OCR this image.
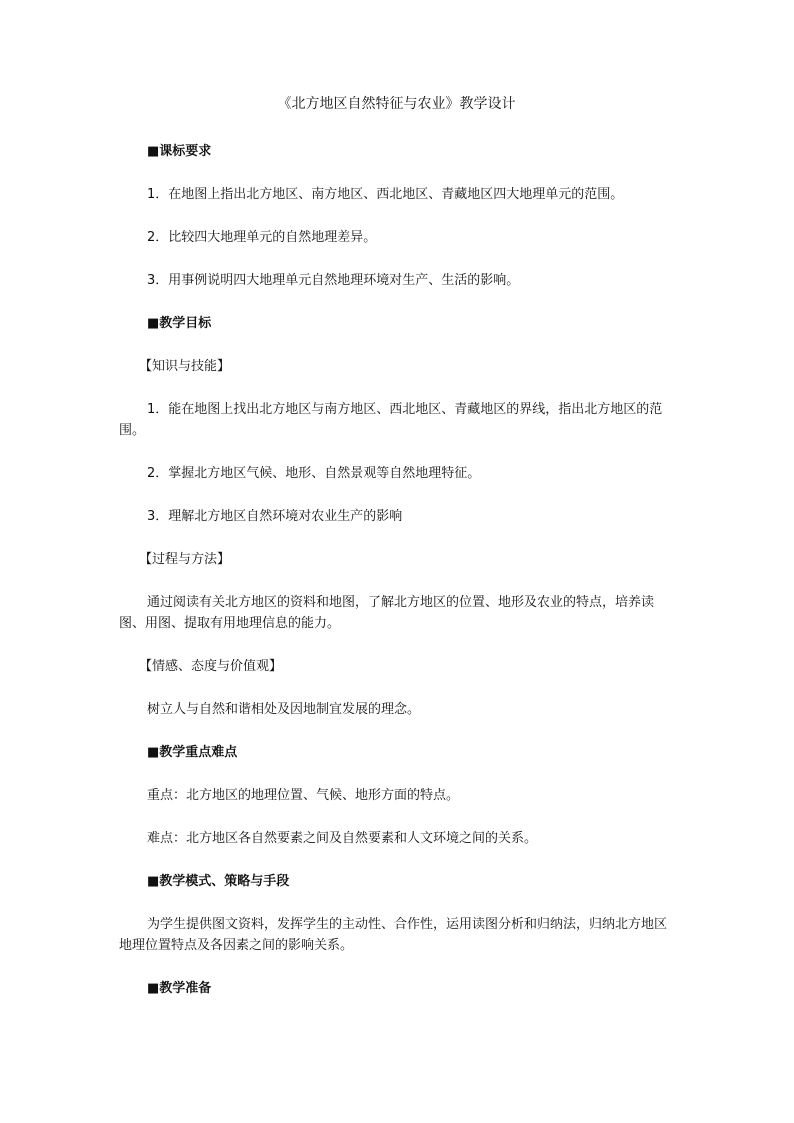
《北方地区自然特征与农业》教学设计
■课标要求

1．在地图上指出北方地区、南方地区、西北地区、青藏地区四大地理单元的范围。

2．比较四大地理单元的自然地理差异。

3．用事例说明四大地理单元自然地理环境对生产、生活的影响。

■教学目标
【知识与技能】

1．能在地图上找出北方地区与南方地区、西北地区、青藏地区的界线，指出北方地区的范围。

2．掌握北方地区气候、地形、自然景观等自然地理特征。

3．理解北方地区自然环境对农业生产的影响

【过程与方法】

通过阅读有关北方地区的资料和地图，了解北方地区的位置、地形及农业的特点，培养读图、用图、提取有用地理信息的能力。

【情感、态度与价值观】

树立人与自然和谐相处及因地制宜发展的理念。

■教学重点难点

重点：北方地区的地理位置、气候、地形方面的特点。

难点：北方地区各自然要素之间及自然要素和人文环境之间的关系。

■教学模式、策略与手段

为学生提供图文资料，发挥学生的主动性、合作性，运用读图分析和归纳法，归纳北方地区地理位置特点及各因素之间的影响关系。

■教学准备
